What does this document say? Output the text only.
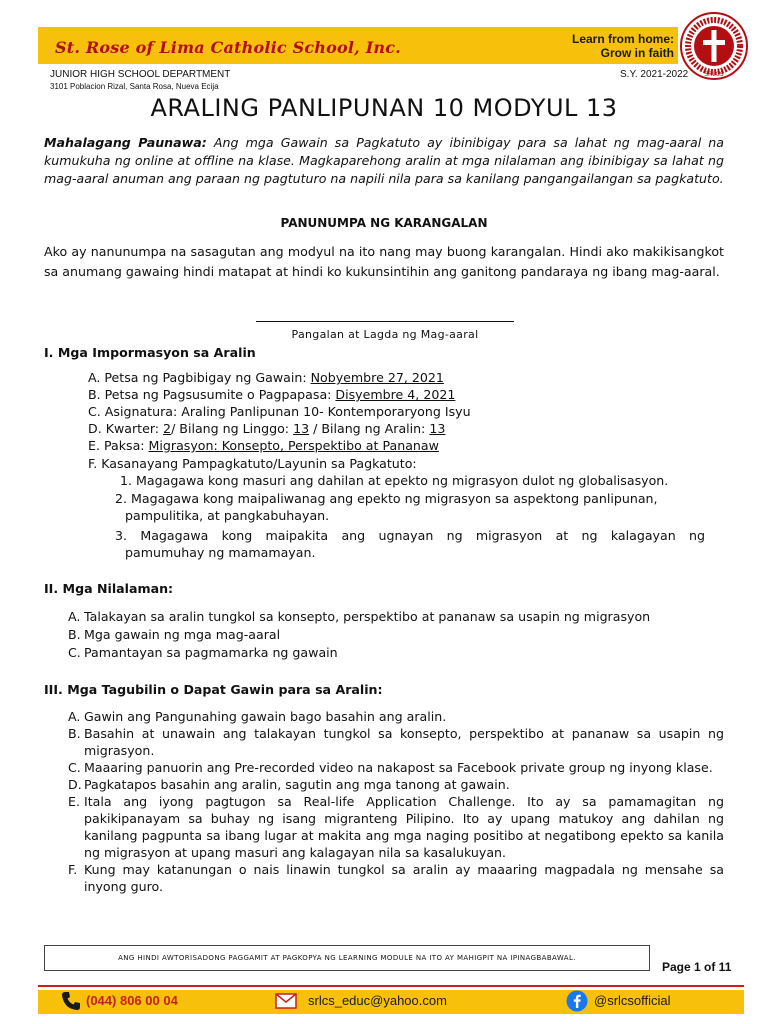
St. Rose of Lima Catholic School, Inc.	Learn from home:
Grow in faith
SRLCS
JUNIOR HIGH SCHOOL DEPARTMENT
3101 Poblacion Rizal, Santa Rosa, Nueva Ecija
S.Y. 2021-2022
ARALING PANLIPUNAN 10 MODYUL 13
Mahalagang Paunawa: Ang mga Gawain sa Pagkatuto ay ibinibigay para sa lahat ng mag-aaral na kumukuha ng online at offline na klase. Magkaparehong aralin at mga nilalaman ang ibinibigay sa lahat ng mag-aaral anuman ang paraan ng pagtuturo na napili nila para sa kanilang pangangailangan sa pagkatuto.
PANUNUMPA NG KARANGALAN
Ako ay nanunumpa na sasagutan ang modyul na ito nang may buong karangalan. Hindi ako makikisangkot sa anumang gawaing hindi matapat at hindi ko kukunsintihin ang ganitong pandaraya ng ibang mag-aaral.
Pangalan at Lagda ng Mag-aaral
I. Mga Impormasyon sa Aralin
A. Petsa ng Pagbibigay ng Gawain: Nobyembre 27, 2021
B. Petsa ng Pagsusumite o Pagpapasa: Disyembre 4, 2021
C. Asignatura: Araling Panlipunan 10- Kontemporaryong Isyu
D. Kwarter: 2/ Bilang ng Linggo: 13 / Bilang ng Aralin: 13
E. Paksa: Migrasyon: Konsepto, Perspektibo at Pananaw
F. Kasanayang Pampagkatuto/Layunin sa Pagkatuto:
1. Magagawa kong masuri ang dahilan at epekto ng migrasyon dulot ng globalisasyon.
2. Magagawa kong maipaliwanag ang epekto ng migrasyon sa aspektong panlipunan,
pampulitika, at pangkabuhayan.
3. Magagawa kong maipakita ang ugnayan ng migrasyon at ng kalagayan ng
pamumuhay ng mamamayan.
II. Mga Nilalaman:
A. Talakayan sa aralin tungkol sa konsepto, perspektibo at pananaw sa usapin ng migrasyon
B. Mga gawain ng mga mag-aaral
C. Pamantayan sa pagmamarka ng gawain
III. Mga Tagubilin o Dapat Gawin para sa Aralin:
A. Gawin ang Pangunahing gawain bago basahin ang aralin.
B. Basahin at unawain ang talakayan tungkol sa konsepto, perspektibo at pananaw sa usapin ng migrasyon.
C. Maaaring panuorin ang Pre-recorded video na nakapost sa Facebook private group ng inyong klase.
D. Pagkatapos basahin ang aralin, sagutin ang mga tanong at gawain.
E. Itala ang iyong pagtugon sa Real-life Application Challenge. Ito ay sa pamamagitan ng pakikipanayam sa buhay ng isang migranteng Pilipino. Ito ay upang matukoy ang dahilan ng kanilang pagpunta sa ibang lugar at makita ang mga naging positibo at negatibong epekto sa kanila ng migrasyon at upang masuri ang kalagayan nila sa kasalukuyan.
F. Kung may katanungan o nais linawin tungkol sa aralin ay maaaring magpadala ng mensahe sa inyong guro.
ANG HINDI AWTORISADONG PAGGAMIT AT PAGKOPYA NG LEARNING MODULE NA ITO AY MAHIGPIT NA IPINAGBABAWAL.
Page 1 of 11
(044) 806 00 04	srlcs_educ@yahoo.com	@srlcsofficial
